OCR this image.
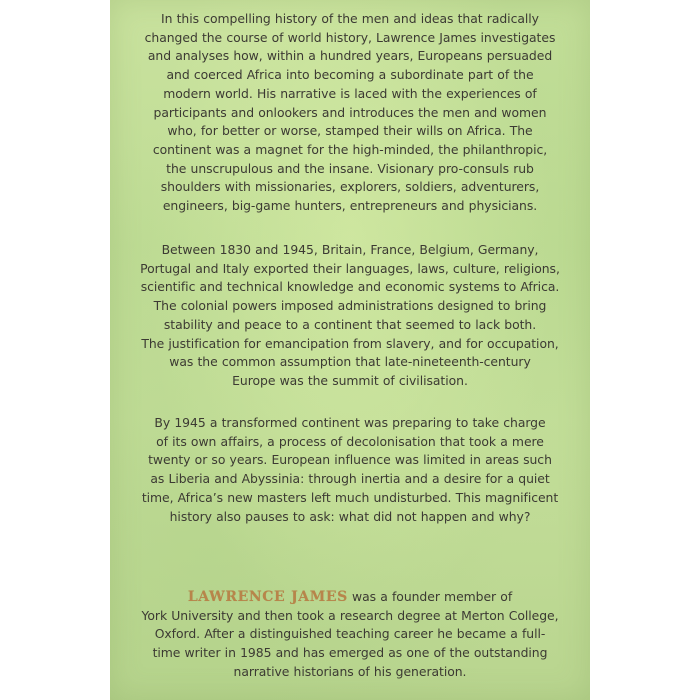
In this compelling history of the men and ideas that radically
changed the course of world history, Lawrence James investigates
and analyses how, within a hundred years, Europeans persuaded
and coerced Africa into becoming a subordinate part of the
modern world. His narrative is laced with the experiences of
participants and onlookers and introduces the men and women
who, for better or worse, stamped their wills on Africa. The
continent was a magnet for the high-minded, the philanthropic,
the unscrupulous and the insane. Visionary pro-consuls rub
shoulders with missionaries, explorers, soldiers, adventurers,
engineers, big-game hunters, entrepreneurs and physicians.
Between 1830 and 1945, Britain, France, Belgium, Germany,
Portugal and Italy exported their languages, laws, culture, religions,
scientific and technical knowledge and economic systems to Africa.
The colonial powers imposed administrations designed to bring
stability and peace to a continent that seemed to lack both.
The justification for emancipation from slavery, and for occupation,
was the common assumption that late-nineteenth-century
Europe was the summit of civilisation.
By 1945 a transformed continent was preparing to take charge
of its own affairs, a process of decolonisation that took a mere
twenty or so years. European influence was limited in areas such
as Liberia and Abyssinia: through inertia and a desire for a quiet
time, Africa’s new masters left much undisturbed. This magnificent
history also pauses to ask: what did not happen and why?
LAWRENCE JAMES was a founder member of
York University and then took a research degree at Merton College,
Oxford. After a distinguished teaching career he became a full-
time writer in 1985 and has emerged as one of the outstanding
narrative historians of his generation.
